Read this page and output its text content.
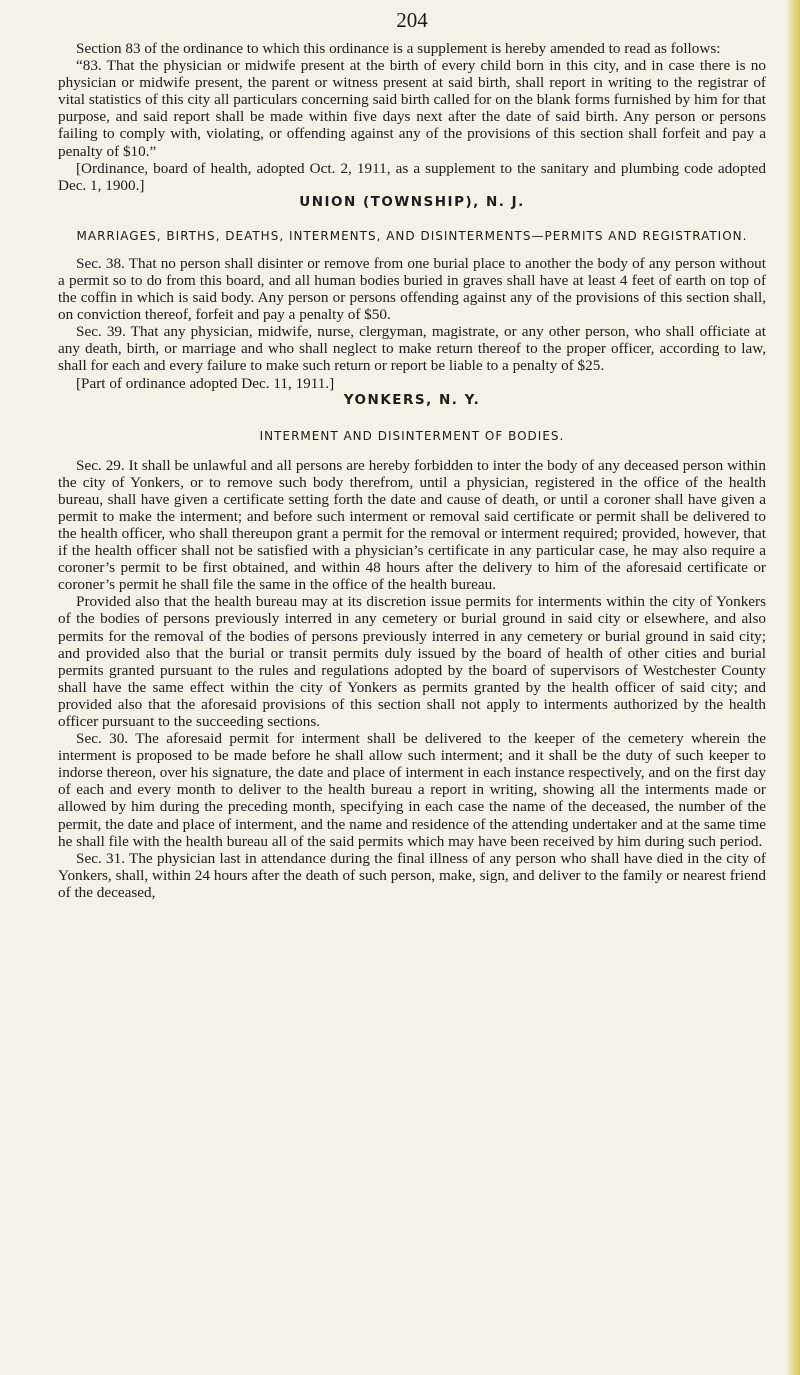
204

Section 83 of the ordinance to which this ordinance is a supplement is hereby amended to read as follows:

“83. That the physician or midwife present at the birth of every child born in this city, and in case there is no physician or midwife present, the parent or witness present at said birth, shall report in writing to the registrar of vital statistics of this city all particulars concerning said birth called for on the blank forms furnished by him for that purpose, and said report shall be made within five days next after the date of said birth. Any person or persons failing to comply with, violating, or offending against any of the provisions of this section shall forfeit and pay a penalty of $10.”

[Ordinance, board of health, adopted Oct. 2, 1911, as a supplement to the sanitary and plumbing code adopted Dec. 1, 1900.]

UNION (TOWNSHIP), N. J.
MARRIAGES, BIRTHS, DEATHS, INTERMENTS, AND DISINTERMENTS—PERMITS AND REGISTRATION.

Sec. 38. That no person shall disinter or remove from one burial place to another the body of any person without a permit so to do from this board, and all human bodies buried in graves shall have at least 4 feet of earth on top of the coffin in which is said body. Any person or persons offending against any of the provisions of this section shall, on conviction thereof, forfeit and pay a penalty of $50.

Sec. 39. That any physician, midwife, nurse, clergyman, magistrate, or any other person, who shall officiate at any death, birth, or marriage and who shall neglect to make return thereof to the proper officer, according to law, shall for each and every failure to make such return or report be liable to a penalty of $25.

[Part of ordinance adopted Dec. 11, 1911.]

YONKERS, N. Y.
INTERMENT AND DISINTERMENT OF BODIES.

Sec. 29. It shall be unlawful and all persons are hereby forbidden to inter the body of any deceased person within the city of Yonkers, or to remove such body therefrom, until a physician, registered in the office of the health bureau, shall have given a certificate setting forth the date and cause of death, or until a coroner shall have given a permit to make the interment; and before such interment or removal said certificate or permit shall be delivered to the health officer, who shall thereupon grant a permit for the removal or interment required; provided, however, that if the health officer shall not be satisfied with a physician’s certificate in any particular case, he may also require a coroner’s permit to be first obtained, and within 48 hours after the delivery to him of the aforesaid certificate or coroner’s permit he shall file the same in the office of the health bureau.

Provided also that the health bureau may at its discretion issue permits for interments within the city of Yonkers of the bodies of persons previously interred in any cemetery or burial ground in said city or elsewhere, and also permits for the removal of the bodies of persons previously interred in any cemetery or burial ground in said city; and provided also that the burial or transit permits duly issued by the board of health of other cities and burial permits granted pursuant to the rules and regulations adopted by the board of supervisors of Westchester County shall have the same effect within the city of Yonkers as permits granted by the health officer of said city; and provided also that the aforesaid provisions of this section shall not apply to interments authorized by the health officer pursuant to the succeeding sections.

Sec. 30. The aforesaid permit for interment shall be delivered to the keeper of the cemetery wherein the interment is proposed to be made before he shall allow such interment; and it shall be the duty of such keeper to indorse thereon, over his signature, the date and place of interment in each instance respectively, and on the first day of each and every month to deliver to the health bureau a report in writing, showing all the interments made or allowed by him during the preceding month, specifying in each case the name of the deceased, the number of the permit, the date and place of interment, and the name and residence of the attending undertaker and at the same time he shall file with the health bureau all of the said permits which may have been received by him during such period.

Sec. 31. The physician last in attendance during the final illness of any person who shall have died in the city of Yonkers, shall, within 24 hours after the death of such person, make, sign, and deliver to the family or nearest friend of the deceased,
